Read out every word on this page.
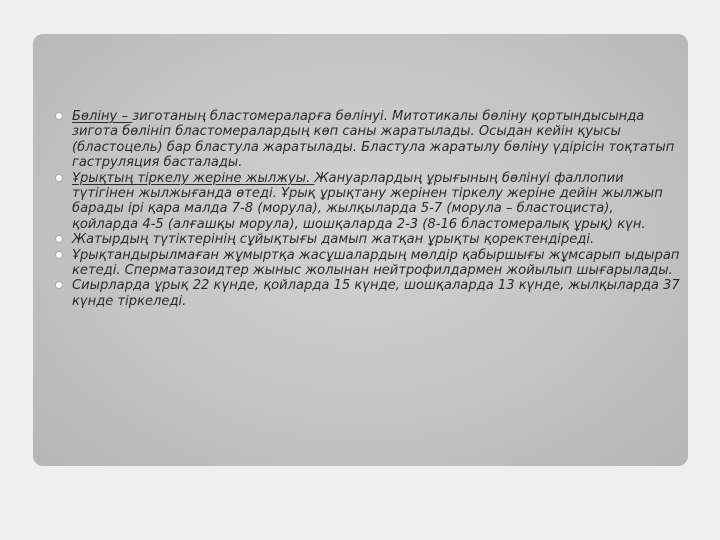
Бөліну – зиготаның бластомераларға бөлінуі. Митотикалы бөліну қортындысында зигота бөлініп бластомералардың көп саны жаратылады. Осыдан кейін қуысы (бластоцель) бар бластула жаратылады. Бластула жаратылу бөліну үдірісін тоқтатып гаструляция басталады.
Ұрықтың тіркелу жеріне жылжуы. Жануарлардың ұрығының бөлінуі фаллопии түтігінен жылжығанда өтеді. Ұрық ұрықтану жерінен тіркелу жеріне дейін жылжып барады ірі қара малда 7-8 (морула), жылқыларда 5-7 (морула – бластоциста), қойларда 4-5 (алғашқы морула), шошқаларда 2-3 (8-16 бластомералық ұрық) күн.
Жатырдың түтіктерінің сұйықтығы дамып жатқан ұрықты қоректендіреді.
Ұрықтандырылмаған жұмыртқа жасұшалардың мөлдір қабыршығы жұмсарып ыдырап кетеді. Сперматазоидтер жыныс жолынан нейтрофилдармен жойылып шығарылады.
Сиырларда ұрық 22 күнде, қойларда 15 күнде, шошқаларда 13 күнде, жылқыларда 37 күнде тіркеледі.
